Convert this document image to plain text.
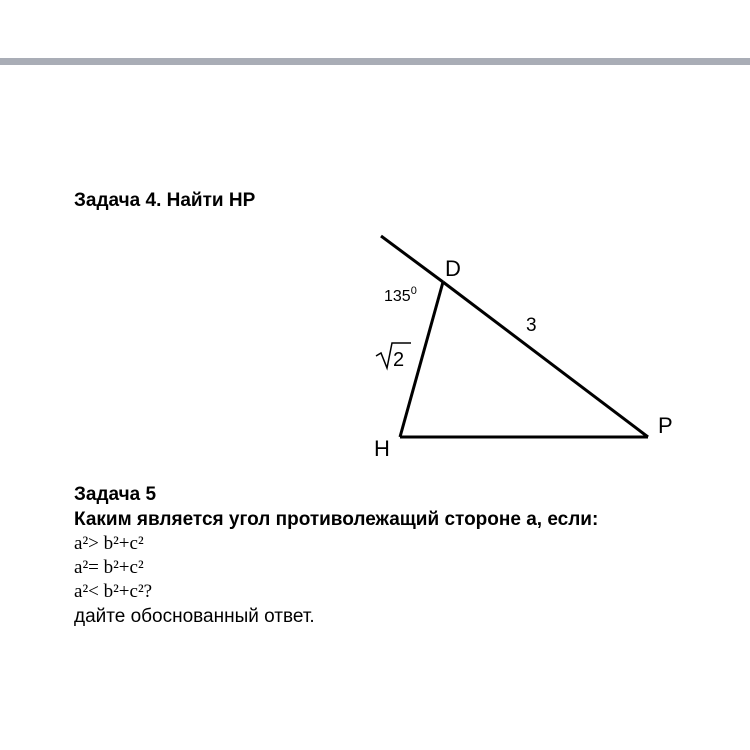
Задача 4. Найти НР
D
H
P
3
$135^0$
2
Задача 5
Каким является угол противолежащий стороне а, если:
a²> b²+c²
a²= b²+c²
a²< b²+c²?
дайте обоснованный ответ.
